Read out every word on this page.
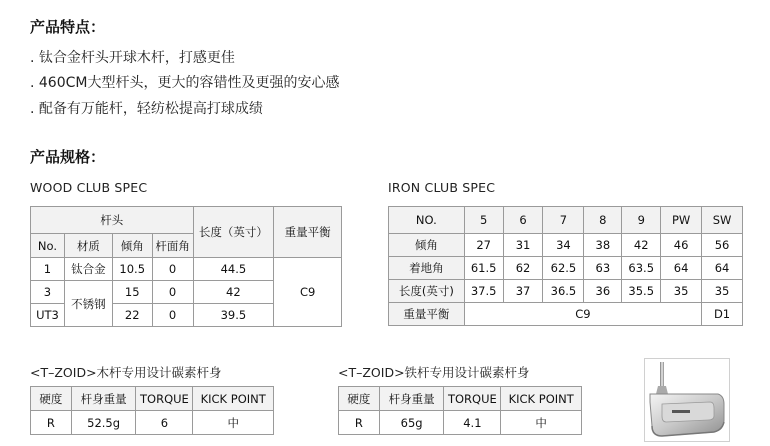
产品特点：
. 钛合金杆头开球木杆，打感更佳
. 460CM大型杆头，更大的容错性及更强的安心感
. 配备有万能杆，轻纺松提高打球成绩
产品规格：
WOOD CLUB SPEC
杆头				长度（英寸）	重量平衡
No.	材质	倾角	杆面角		
1	钛合金	10.5	0	44.5	C9
3	不锈钢	15	0	42	
UT3		22	0	39.5	
IRON CLUB SPEC
NO.	5	6	7	8	9	PW	SW
倾角	27	31	34	38	42	46	56
着地角	61.5	62	62.5	63	63.5	64	64
长度(英寸)	37.5	37	36.5	36	35.5	35	35
重量平衡	C9						D1
<T–ZOID>木杆专用设计碳素杆身
硬度	杆身重量	TORQUE	KICK POINT
R	52.5g	6	中
<T–ZOID>铁杆专用设计碳素杆身
硬度	杆身重量	TORQUE	KICK POINT
R	65g	4.1	中
